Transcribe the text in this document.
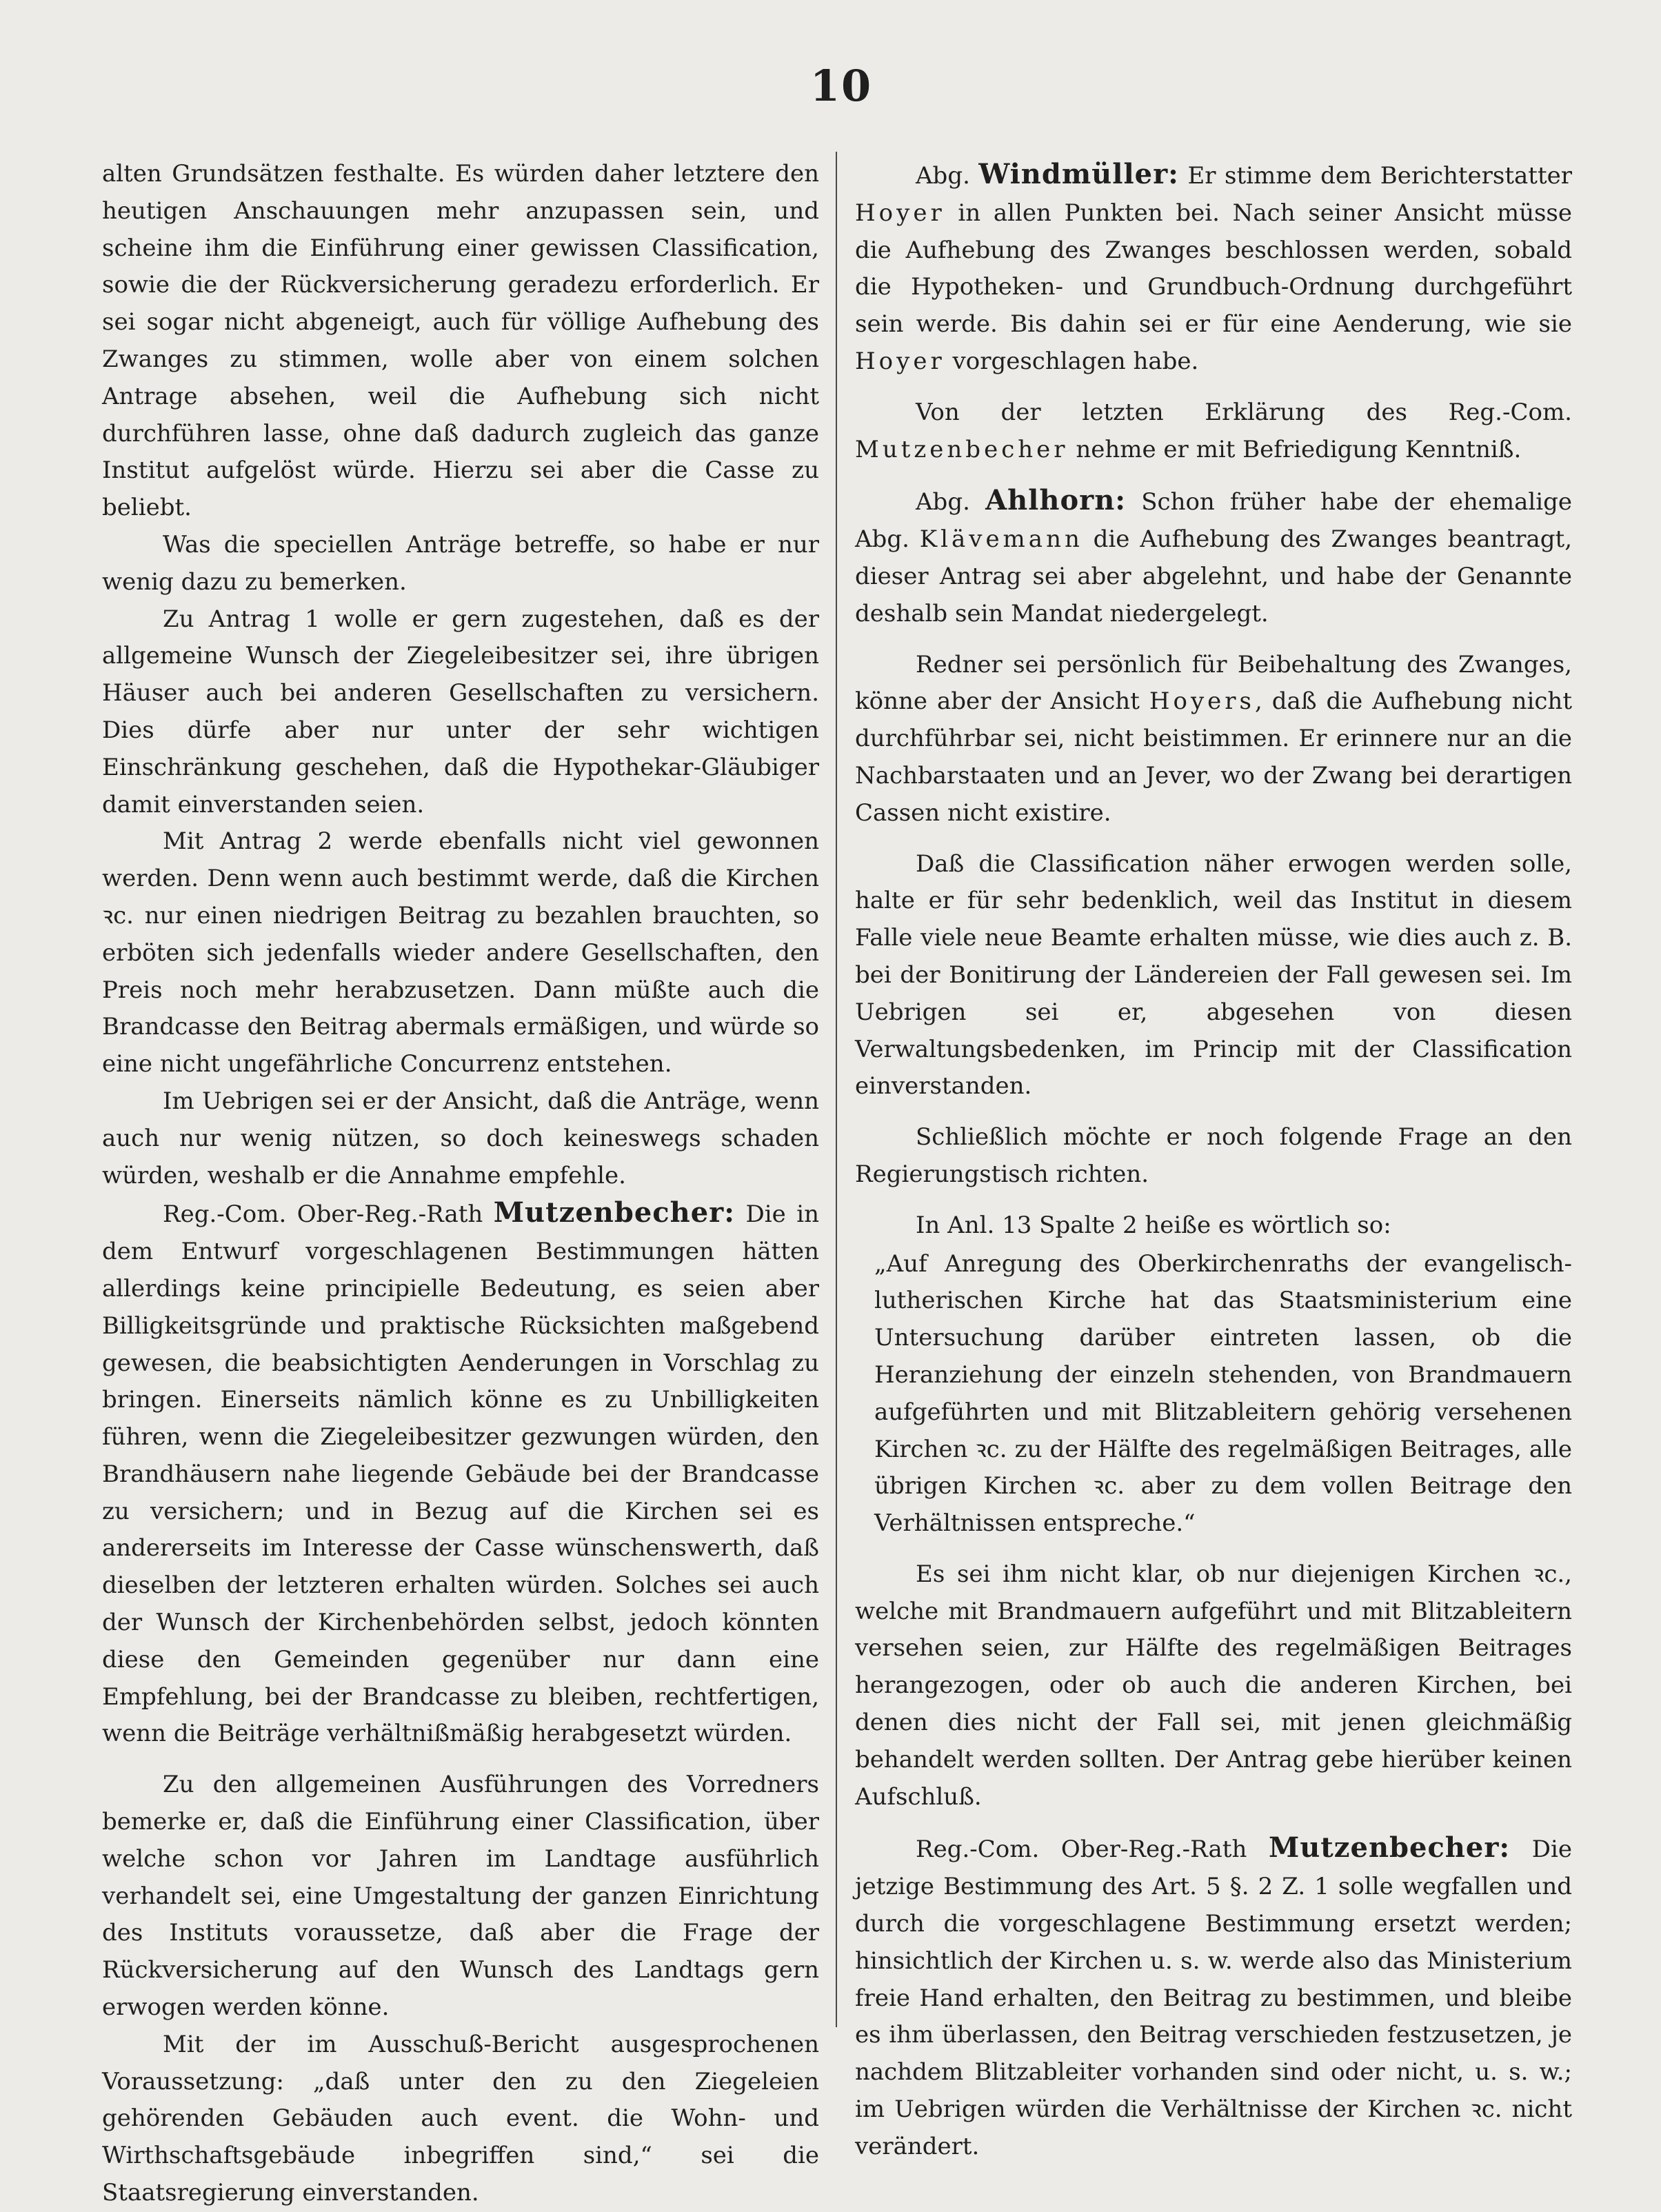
10

alten Grundsätzen festhalte. Es würden daher letztere den heutigen Anschauungen mehr anzupassen sein, und scheine ihm die Einführung einer gewissen Classification, sowie die der Rückversicherung geradezu erforderlich. Er sei sogar nicht abgeneigt, auch für völlige Aufhebung des Zwanges zu stimmen, wolle aber von einem solchen Antrage absehen, weil die Aufhebung sich nicht durchführen lasse, ohne daß dadurch zugleich das ganze Institut aufgelöst würde. Hierzu sei aber die Casse zu beliebt.

Was die speciellen Anträge betreffe, so habe er nur wenig dazu zu bemerken.

Zu Antrag 1 wolle er gern zugestehen, daß es der allgemeine Wunsch der Ziegeleibesitzer sei, ihre übrigen Häuser auch bei anderen Gesellschaften zu versichern. Dies dürfe aber nur unter der sehr wichtigen Einschränkung geschehen, daß die Hypothekar-Gläubiger damit einverstanden seien.

Mit Antrag 2 werde ebenfalls nicht viel gewonnen werden. Denn wenn auch bestimmt werde, daß die Kirchen ꝛc. nur einen niedrigen Beitrag zu bezahlen brauchten, so erböten sich jedenfalls wieder andere Gesellschaften, den Preis noch mehr herabzusetzen. Dann müßte auch die Brandcasse den Beitrag abermals ermäßigen, und würde so eine nicht ungefährliche Concurrenz entstehen.

Im Uebrigen sei er der Ansicht, daß die Anträge, wenn auch nur wenig nützen, so doch keineswegs schaden würden, weshalb er die Annahme empfehle.

Reg.-Com. Ober-Reg.-Rath Mutzenbecher: Die in dem Entwurf vorgeschlagenen Bestimmungen hätten allerdings keine principielle Bedeutung, es seien aber Billigkeitsgründe und praktische Rücksichten maßgebend gewesen, die beabsichtigten Aenderungen in Vorschlag zu bringen. Einerseits nämlich könne es zu Unbilligkeiten führen, wenn die Ziegeleibesitzer gezwungen würden, den Brandhäusern nahe liegende Gebäude bei der Brandcasse zu versichern; und in Bezug auf die Kirchen sei es andererseits im Interesse der Casse wünschenswerth, daß dieselben der letzteren erhalten würden. Solches sei auch der Wunsch der Kirchenbehörden selbst, jedoch könnten diese den Gemeinden gegenüber nur dann eine Empfehlung, bei der Brandcasse zu bleiben, rechtfertigen, wenn die Beiträge verhältnißmäßig herabgesetzt würden.

Zu den allgemeinen Ausführungen des Vorredners bemerke er, daß die Einführung einer Classification, über welche schon vor Jahren im Landtage ausführlich verhandelt sei, eine Umgestaltung der ganzen Einrichtung des Instituts voraussetze, daß aber die Frage der Rückversicherung auf den Wunsch des Landtags gern erwogen werden könne.

Mit der im Ausschuß-Bericht ausgesprochenen Voraussetzung: „daß unter den zu den Ziegeleien gehörenden Gebäuden auch event. die Wohn- und Wirthschaftsgebäude inbegriffen sind,“ sei die Staatsregierung einverstanden.

Abg. Windmüller: Er stimme dem Berichterstatter Hoyer in allen Punkten bei. Nach seiner Ansicht müsse die Aufhebung des Zwanges beschlossen werden, sobald die Hypotheken- und Grundbuch-Ordnung durchgeführt sein werde. Bis dahin sei er für eine Aenderung, wie sie Hoyer vorgeschlagen habe.

Von der letzten Erklärung des Reg.-Com. Mutzenbecher nehme er mit Befriedigung Kenntniß.

Abg. Ahlhorn: Schon früher habe der ehemalige Abg. Klävemann die Aufhebung des Zwanges beantragt, dieser Antrag sei aber abgelehnt, und habe der Genannte deshalb sein Mandat niedergelegt.

Redner sei persönlich für Beibehaltung des Zwanges, könne aber der Ansicht Hoyers, daß die Aufhebung nicht durchführbar sei, nicht beistimmen. Er erinnere nur an die Nachbarstaaten und an Jever, wo der Zwang bei derartigen Cassen nicht existire.

Daß die Classification näher erwogen werden solle, halte er für sehr bedenklich, weil das Institut in diesem Falle viele neue Beamte erhalten müsse, wie dies auch z. B. bei der Bonitirung der Ländereien der Fall gewesen sei. Im Uebrigen sei er, abgesehen von diesen Verwaltungsbedenken, im Princip mit der Classification einverstanden.

Schließlich möchte er noch folgende Frage an den Regierungstisch richten.

In Anl. 13 Spalte 2 heiße es wörtlich so:

„Auf Anregung des Oberkirchenraths der evangelisch-lutherischen Kirche hat das Staatsministerium eine Untersuchung darüber eintreten lassen, ob die Heranziehung der einzeln stehenden, von Brandmauern aufgeführten und mit Blitzableitern gehörig versehenen Kirchen ꝛc. zu der Hälfte des regelmäßigen Beitrages, alle übrigen Kirchen ꝛc. aber zu dem vollen Beitrage den Verhältnissen entspreche.“

Es sei ihm nicht klar, ob nur diejenigen Kirchen ꝛc., welche mit Brandmauern aufgeführt und mit Blitzableitern versehen seien, zur Hälfte des regelmäßigen Beitrages herangezogen, oder ob auch die anderen Kirchen, bei denen dies nicht der Fall sei, mit jenen gleichmäßig behandelt werden sollten. Der Antrag gebe hierüber keinen Aufschluß.

Reg.-Com. Ober-Reg.-Rath Mutzenbecher: Die jetzige Bestimmung des Art. 5 §. 2 Z. 1 solle wegfallen und durch die vorgeschlagene Bestimmung ersetzt werden; hinsichtlich der Kirchen u. s. w. werde also das Ministerium freie Hand erhalten, den Beitrag zu bestimmen, und bleibe es ihm überlassen, den Beitrag verschieden festzusetzen, je nachdem Blitzableiter vorhanden sind oder nicht, u. s. w.; im Uebrigen würden die Verhältnisse der Kirchen ꝛc. nicht verändert.
